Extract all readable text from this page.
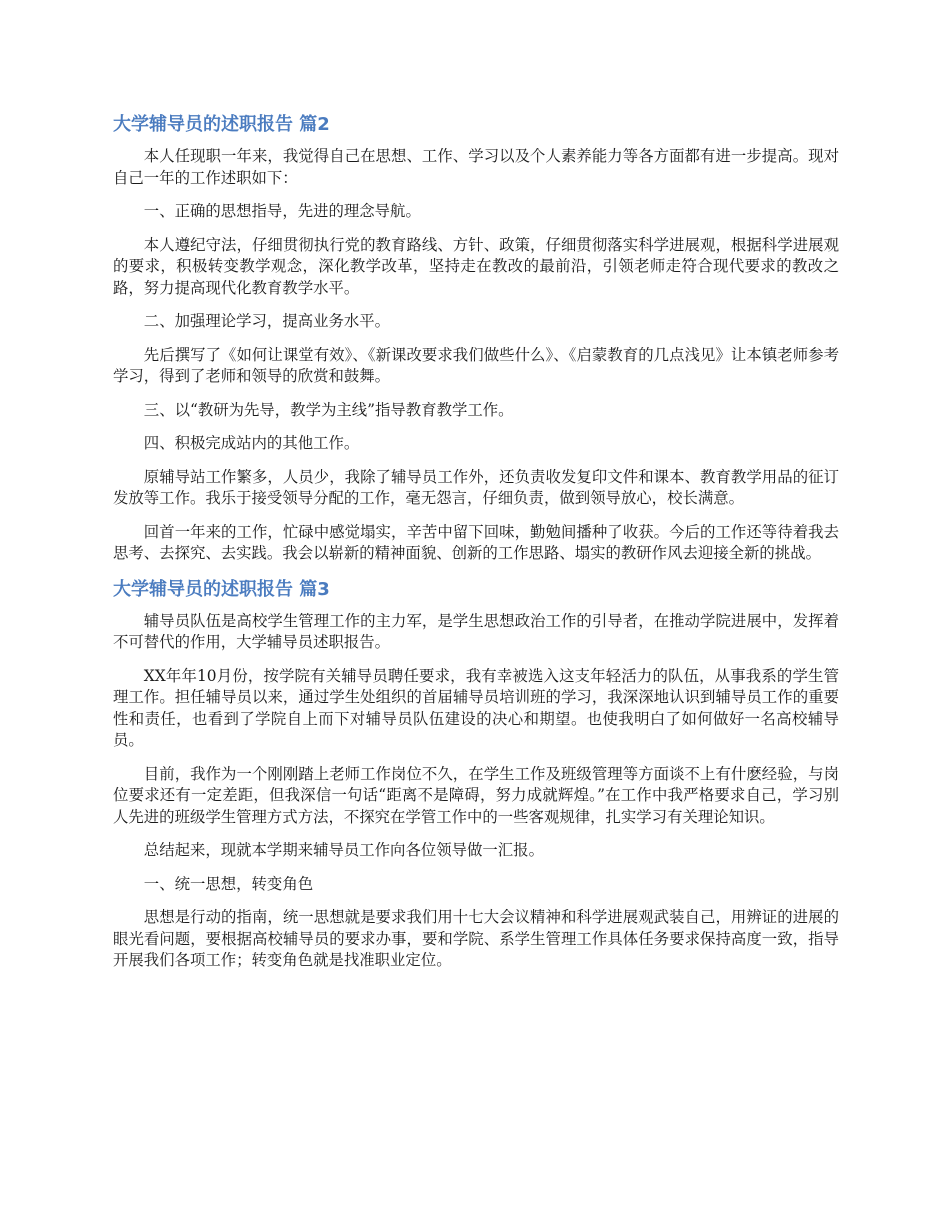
大学辅导员的述职报告 篇2

本人任现职一年来，我觉得自己在思想、工作、学习以及个人素养能力等各方面都有进一步提高。现对自己一年的工作述职如下：

一、正确的思想指导，先进的理念导航。

本人遵纪守法，仔细贯彻执行党的教育路线、方针、政策，仔细贯彻落实科学进展观，根据科学进展观的要求，积极转变教学观念，深化教学改革，坚持走在教改的最前沿，引领老师走符合现代要求的教改之路，努力提高现代化教育教学水平。

二、加强理论学习，提高业务水平。

先后撰写了《如何让课堂有效》、《新课改要求我们做些什么》、《启蒙教育的几点浅见》让本镇老师参考学习，得到了老师和领导的欣赏和鼓舞。

三、以“教研为先导，教学为主线”指导教育教学工作。

四、积极完成站内的其他工作。

原辅导站工作繁多，人员少，我除了辅导员工作外，还负责收发复印文件和课本、教育教学用品的征订发放等工作。我乐于接受领导分配的工作，毫无怨言，仔细负责，做到领导放心，校长满意。

回首一年来的工作，忙碌中感觉塌实，辛苦中留下回味，勤勉间播种了收获。今后的工作还等待着我去思考、去探究、去实践。我会以崭新的精神面貌、创新的工作思路、塌实的教研作风去迎接全新的挑战。

大学辅导员的述职报告 篇3

辅导员队伍是高校学生管理工作的主力军，是学生思想政治工作的引导者，在推动学院进展中，发挥着不可替代的作用，大学辅导员述职报告。

XX年年10月份，按学院有关辅导员聘任要求，我有幸被选入这支年轻活力的队伍，从事我系的学生管理工作。担任辅导员以来，通过学生处组织的首届辅导员培训班的学习，我深深地认识到辅导员工作的重要性和责任，也看到了学院自上而下对辅导员队伍建设的决心和期望。也使我明白了如何做好一名高校辅导员。

目前，我作为一个刚刚踏上老师工作岗位不久，在学生工作及班级管理等方面谈不上有什麽经验，与岗位要求还有一定差距，但我深信一句话“距离不是障碍，努力成就辉煌。”在工作中我严格要求自己，学习别人先进的班级学生管理方式方法，不探究在学管工作中的一些客观规律，扎实学习有关理论知识。

总结起来，现就本学期来辅导员工作向各位领导做一汇报。

一、统一思想，转变角色

思想是行动的指南，统一思想就是要求我们用十七大会议精神和科学进展观武装自己，用辨证的进展的眼光看问题，要根据高校辅导员的要求办事，要和学院、系学生管理工作具体任务要求保持高度一致，指导开展我们各项工作；转变角色就是找准职业定位。
